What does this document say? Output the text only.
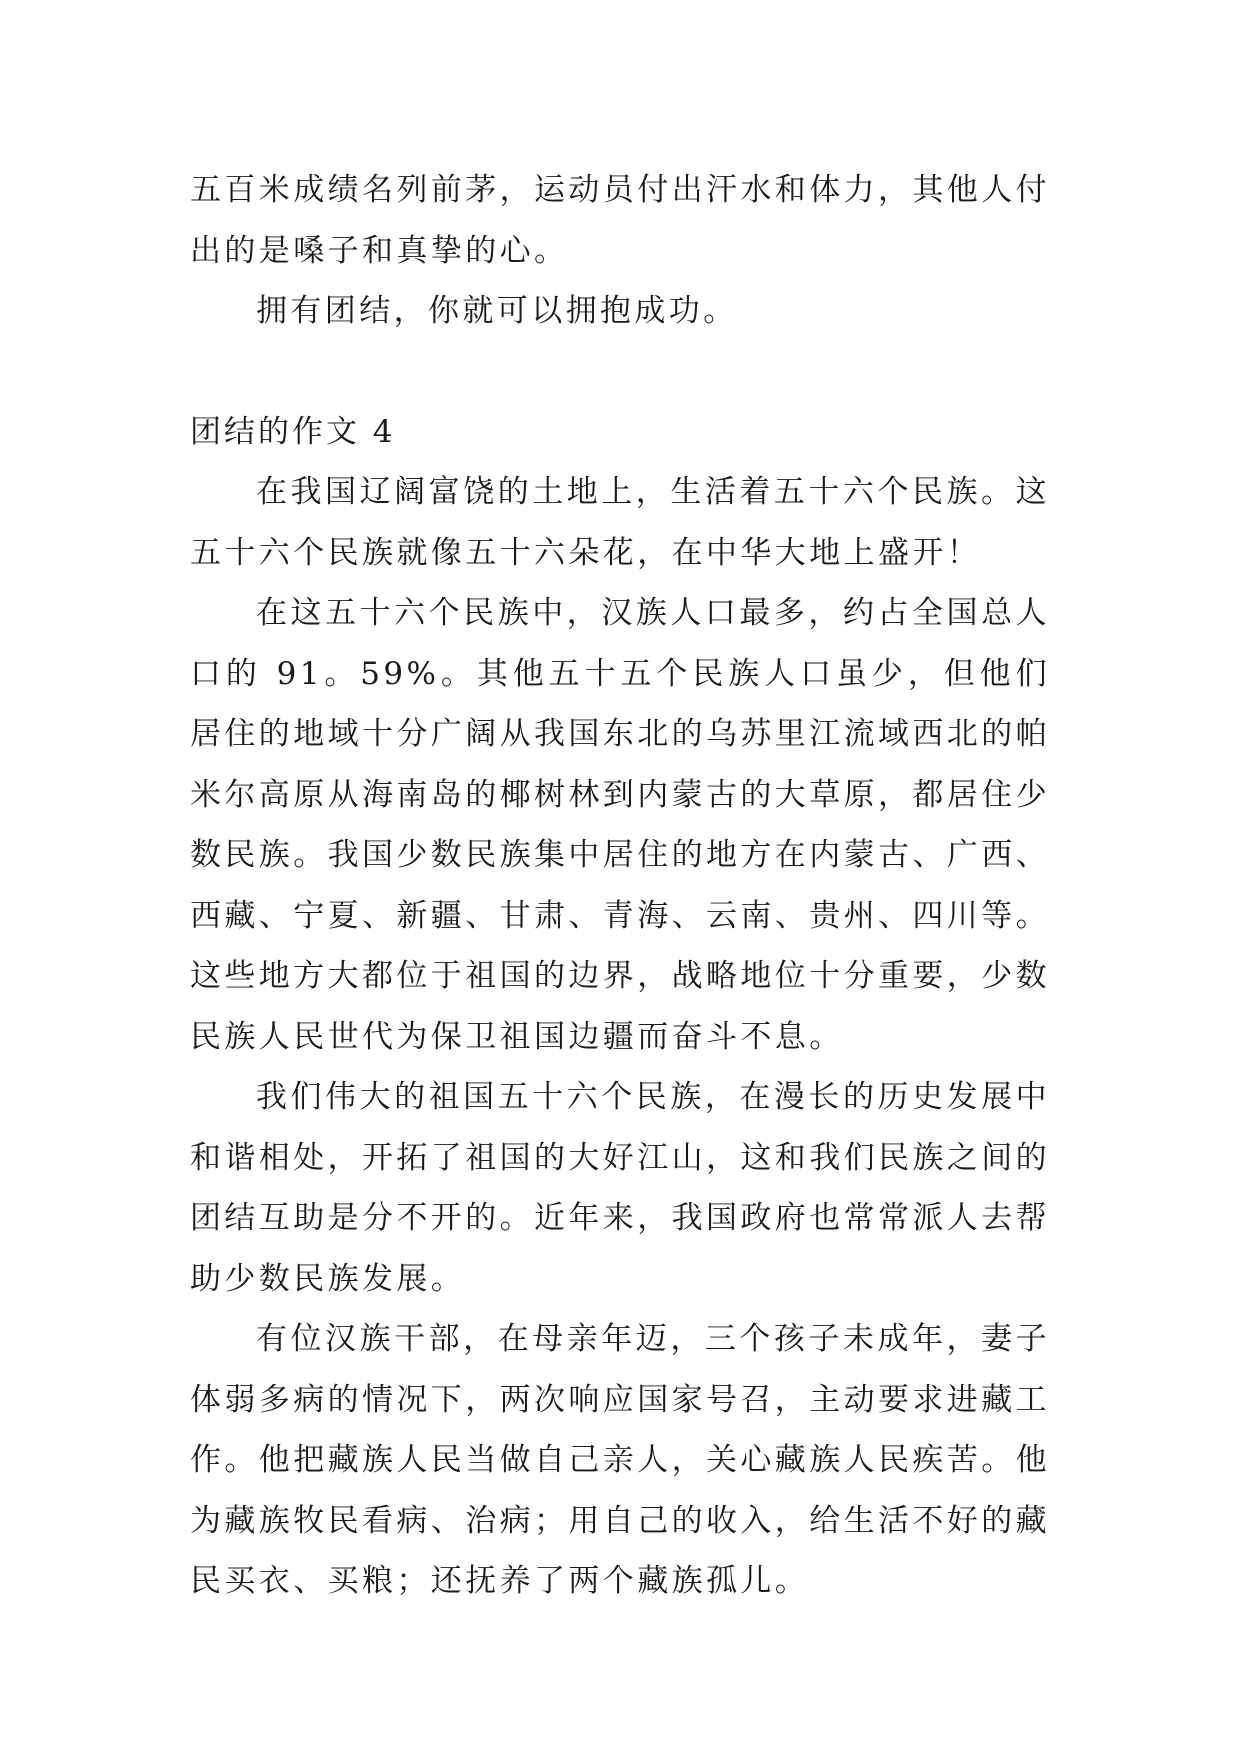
五百米成绩名列前茅，运动员付出汗水和体力，其他人付出的是嗓子和真挚的心。

拥有团结，你就可以拥抱成功。

团结的作文 4

在我国辽阔富饶的土地上，生活着五十六个民族。这五十六个民族就像五十六朵花，在中华大地上盛开！

在这五十六个民族中，汉族人口最多，约占全国总人口的 91。59%。其他五十五个民族人口虽少，但他们居住的地域十分广阔从我国东北的乌苏里江流域西北的帕米尔高原从海南岛的椰树林到内蒙古的大草原，都居住少数民族。我国少数民族集中居住的地方在内蒙古、广西、西藏、宁夏、新疆、甘肃、青海、云南、贵州、四川等。这些地方大都位于祖国的边界，战略地位十分重要，少数民族人民世代为保卫祖国边疆而奋斗不息。

我们伟大的祖国五十六个民族，在漫长的历史发展中和谐相处，开拓了祖国的大好江山，这和我们民族之间的团结互助是分不开的。近年来，我国政府也常常派人去帮助少数民族发展。

有位汉族干部，在母亲年迈，三个孩子未成年，妻子体弱多病的情况下，两次响应国家号召，主动要求进藏工作。他把藏族人民当做自己亲人，关心藏族人民疾苦。他为藏族牧民看病、治病；用自己的收入，给生活不好的藏民买衣、买粮；还抚养了两个藏族孤儿。
